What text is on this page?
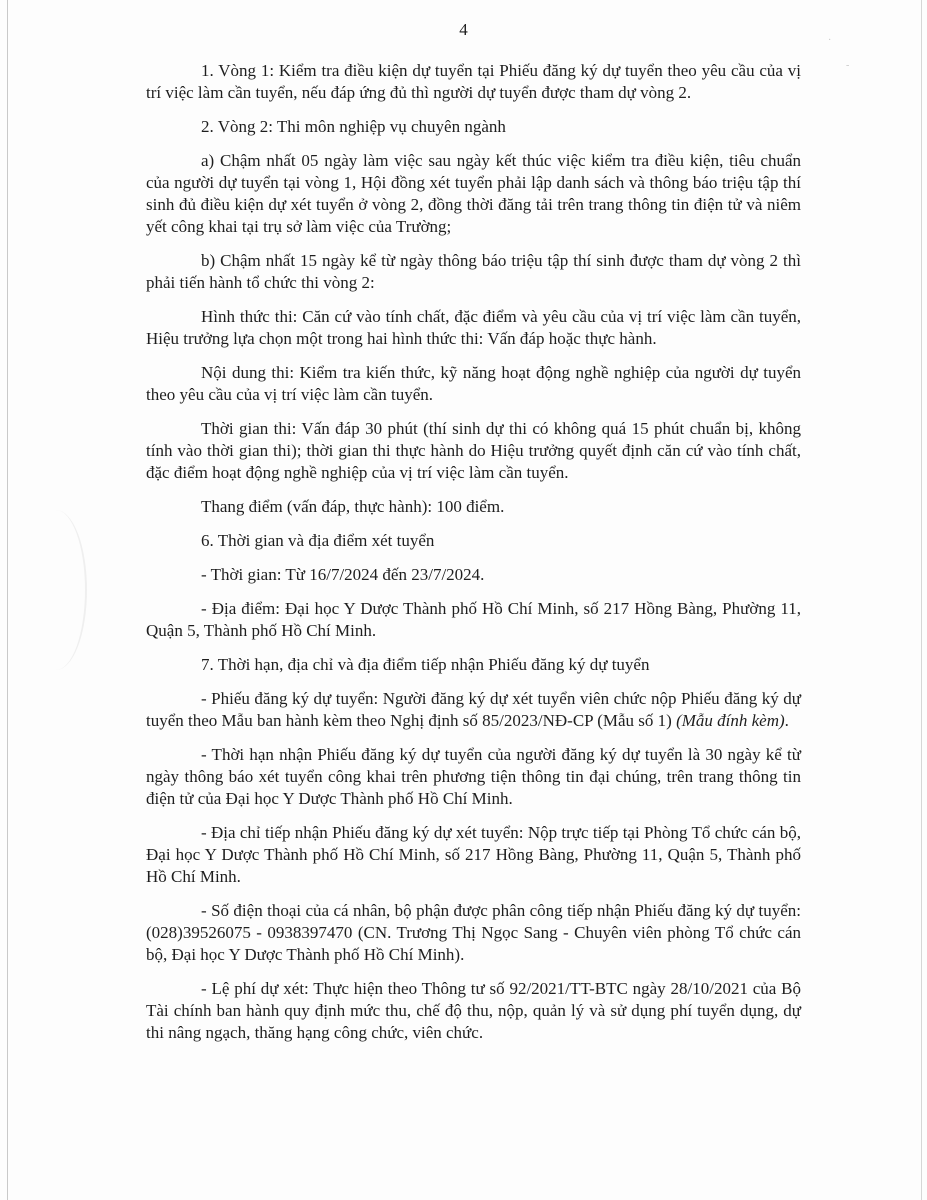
·
-
4

1. Vòng 1: Kiểm tra điều kiện dự tuyển tại Phiếu đăng ký dự tuyển theo yêu cầu của vị trí việc làm cần tuyển, nếu đáp ứng đủ thì người dự tuyển được tham dự vòng 2.

2. Vòng 2: Thi môn nghiệp vụ chuyên ngành

a) Chậm nhất 05 ngày làm việc sau ngày kết thúc việc kiểm tra điều kiện, tiêu chuẩn của người dự tuyển tại vòng 1, Hội đồng xét tuyển phải lập danh sách và thông báo triệu tập thí sinh đủ điều kiện dự xét tuyển ở vòng 2, đồng thời đăng tải trên trang thông tin điện tử và niêm yết công khai tại trụ sở làm việc của Trường;

b) Chậm nhất 15 ngày kể từ ngày thông báo triệu tập thí sinh được tham dự vòng 2 thì phải tiến hành tổ chức thi vòng 2:

Hình thức thi: Căn cứ vào tính chất, đặc điểm và yêu cầu của vị trí việc làm cần tuyển, Hiệu trưởng lựa chọn một trong hai hình thức thi: Vấn đáp hoặc thực hành.

Nội dung thi: Kiểm tra kiến thức, kỹ năng hoạt động nghề nghiệp của người dự tuyển theo yêu cầu của vị trí việc làm cần tuyển.

Thời gian thi: Vấn đáp 30 phút (thí sinh dự thi có không quá 15 phút chuẩn bị, không tính vào thời gian thi); thời gian thi thực hành do Hiệu trưởng quyết định căn cứ vào tính chất, đặc điểm hoạt động nghề nghiệp của vị trí việc làm cần tuyển.

Thang điểm (vấn đáp, thực hành): 100 điểm.

6. Thời gian và địa điểm xét tuyển

- Thời gian: Từ 16/7/2024 đến 23/7/2024.

- Địa điểm: Đại học Y Dược Thành phố Hồ Chí Minh, số 217 Hồng Bàng, Phường 11, Quận 5, Thành phố Hồ Chí Minh.

7. Thời hạn, địa chỉ và địa điểm tiếp nhận Phiếu đăng ký dự tuyển

- Phiếu đăng ký dự tuyển: Người đăng ký dự xét tuyển viên chức nộp Phiếu đăng ký dự tuyển theo Mẫu ban hành kèm theo Nghị định số 85/2023/NĐ-CP (Mẫu số 1) (Mẫu đính kèm).

- Thời hạn nhận Phiếu đăng ký dự tuyển của người đăng ký dự tuyển là 30 ngày kể từ ngày thông báo xét tuyển công khai trên phương tiện thông tin đại chúng, trên trang thông tin điện tử của Đại học Y Dược Thành phố Hồ Chí Minh.

- Địa chỉ tiếp nhận Phiếu đăng ký dự xét tuyển: Nộp trực tiếp tại Phòng Tổ chức cán bộ, Đại học Y Dược Thành phố Hồ Chí Minh, số 217 Hồng Bàng, Phường 11, Quận 5, Thành phố Hồ Chí Minh.

- Số điện thoại của cá nhân, bộ phận được phân công tiếp nhận Phiếu đăng ký dự tuyển: (028)39526075 - 0938397470 (CN. Trương Thị Ngọc Sang - Chuyên viên phòng Tổ chức cán bộ, Đại học Y Dược Thành phố Hồ Chí Minh).

- Lệ phí dự xét: Thực hiện theo Thông tư số 92/2021/TT-BTC ngày 28/10/2021 của Bộ Tài chính ban hành quy định mức thu, chế độ thu, nộp, quản lý và sử dụng phí tuyển dụng, dự thi nâng ngạch, thăng hạng công chức, viên chức.
